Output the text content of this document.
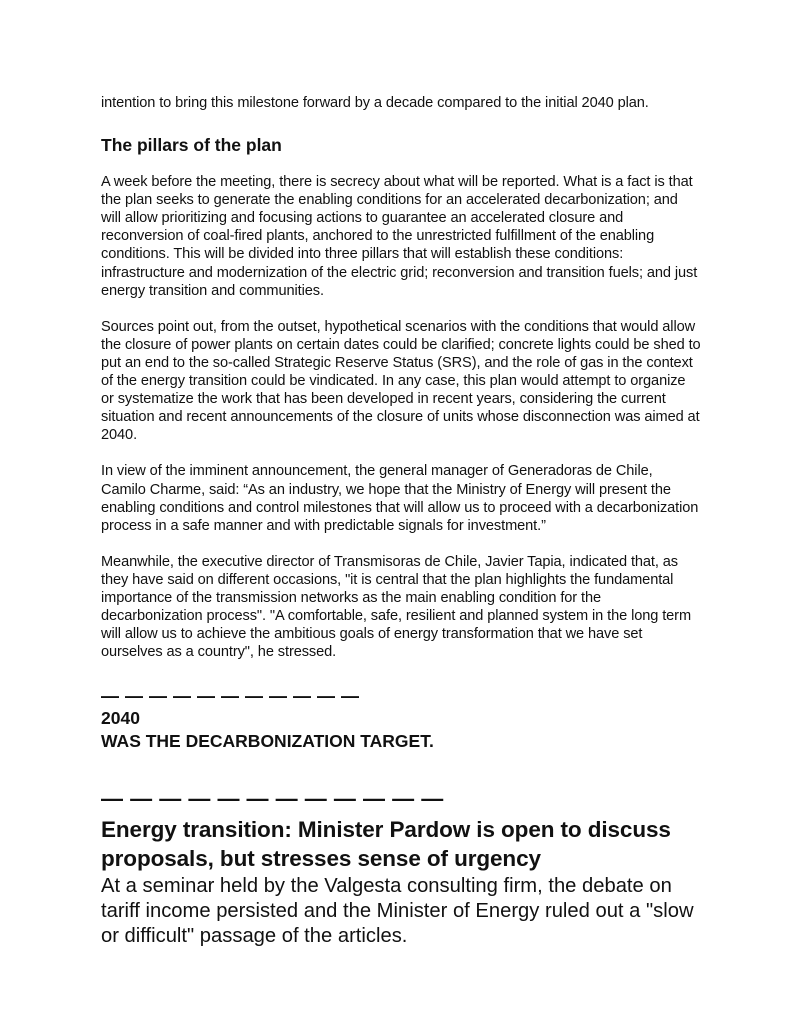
intention to bring this milestone forward by a decade compared to the initial 2040 plan.

The pillars of the plan

A week before the meeting, there is secrecy about what will be reported. What is a fact is that the plan seeks to generate the enabling conditions for an accelerated decarbonization; and will allow prioritizing and focusing actions to guarantee an accelerated closure and reconversion of coal-fired plants, anchored to the unrestricted fulfillment of the enabling conditions. This will be divided into three pillars that will establish these conditions: infrastructure and modernization of the electric grid; reconversion and transition fuels; and just energy transition and communities.

Sources point out, from the outset, hypothetical scenarios with the conditions that would allow the closure of power plants on certain dates could be clarified; concrete lights could be shed to put an end to the so-called Strategic Reserve Status (SRS), and the role of gas in the context of the energy transition could be vindicated. In any case, this plan would attempt to organize or systematize the work that has been developed in recent years, considering the current situation and recent announcements of the closure of units whose disconnection was aimed at 2040.

In view of the imminent announcement, the general manager of Generadoras de Chile, Camilo Charme, said: “As an industry, we hope that the Ministry of Energy will present the enabling conditions and control milestones that will allow us to proceed with a decarbonization process in a safe manner and with predictable signals for investment.”

Meanwhile, the executive director of Transmisoras de Chile, Javier Tapia, indicated that, as they have said on different occasions, "it is central that the plan highlights the fundamental importance of the transmission networks as the main enabling condition for the decarbonization process". "A comfortable, safe, resilient and planned system in the long term will allow us to achieve the ambitious goals of energy transformation that we have set ourselves as a country", he stressed.

— — — — — — — — — — —
2040
WAS THE DECARBONIZATION TARGET.
— — — — — — — — — — — —
Energy transition: Minister Pardow is open to discuss proposals, but stresses sense of urgency

At a seminar held by the Valgesta consulting firm, the debate on tariff income persisted and the Minister of Energy ruled out a "slow or difficult" passage of the articles.
